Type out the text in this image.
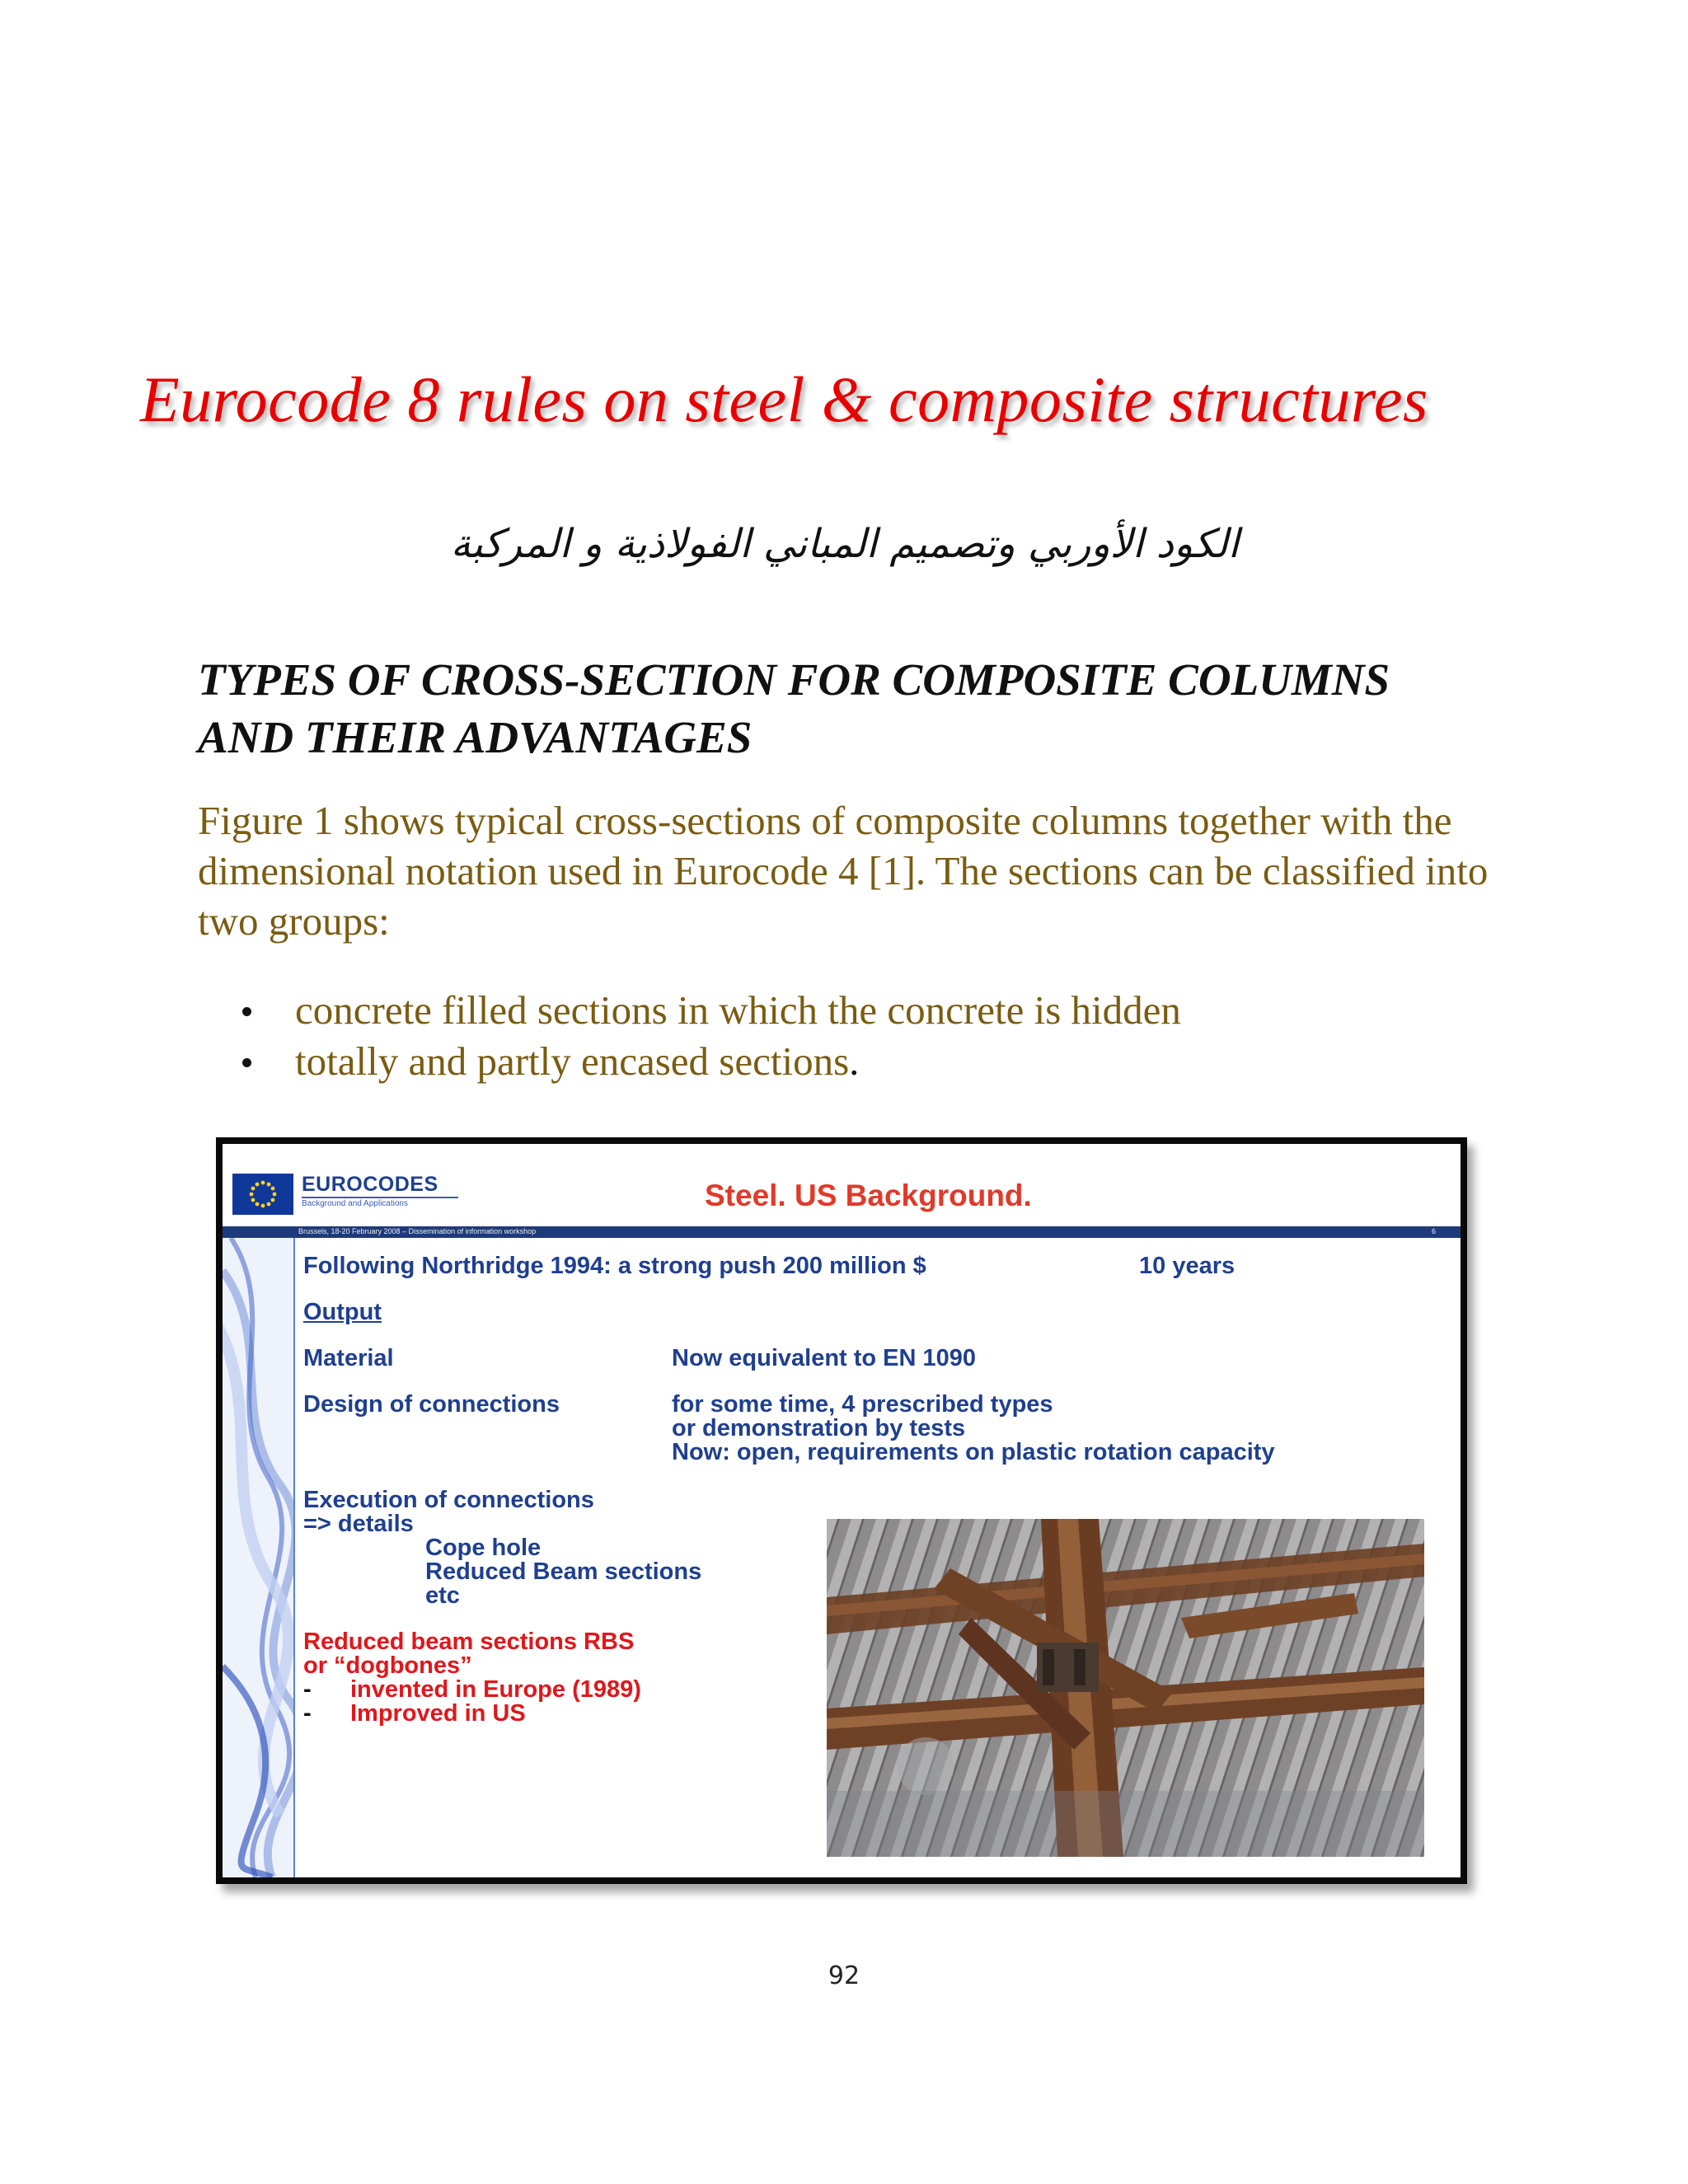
Eurocode 8 rules on steel & composite structures
الكود الأوربي وتصميم المباني الفولاذية و المركبة
TYPES OF CROSS-SECTION FOR COMPOSITE COLUMNS
AND THEIR ADVANTAGES
Figure 1 shows typical cross-sections of composite columns together with the dimensional notation used in Eurocode 4 [1]. The sections can be classified into two groups:
concrete filled sections in which the concrete is hidden
totally and partly encased sections.
EUROCODES
Background and Applications	Steel. US Background.
Brussels, 18-20 February 2008 – Dissemination of information workshop	6
Following Northridge 1994: a strong push 200 million $	10 years
Output
Material	Now equivalent to EN 1090
Design of connections	for some time, 4 prescribed types
or demonstration by tests
Now: open, requirements on plastic rotation capacity
Execution of connections
=> details
Cope hole
Reduced Beam sections
etc
Reduced beam sections RBS
or “dogbones”
- invented in Europe (1989)
- Improved in US
92
